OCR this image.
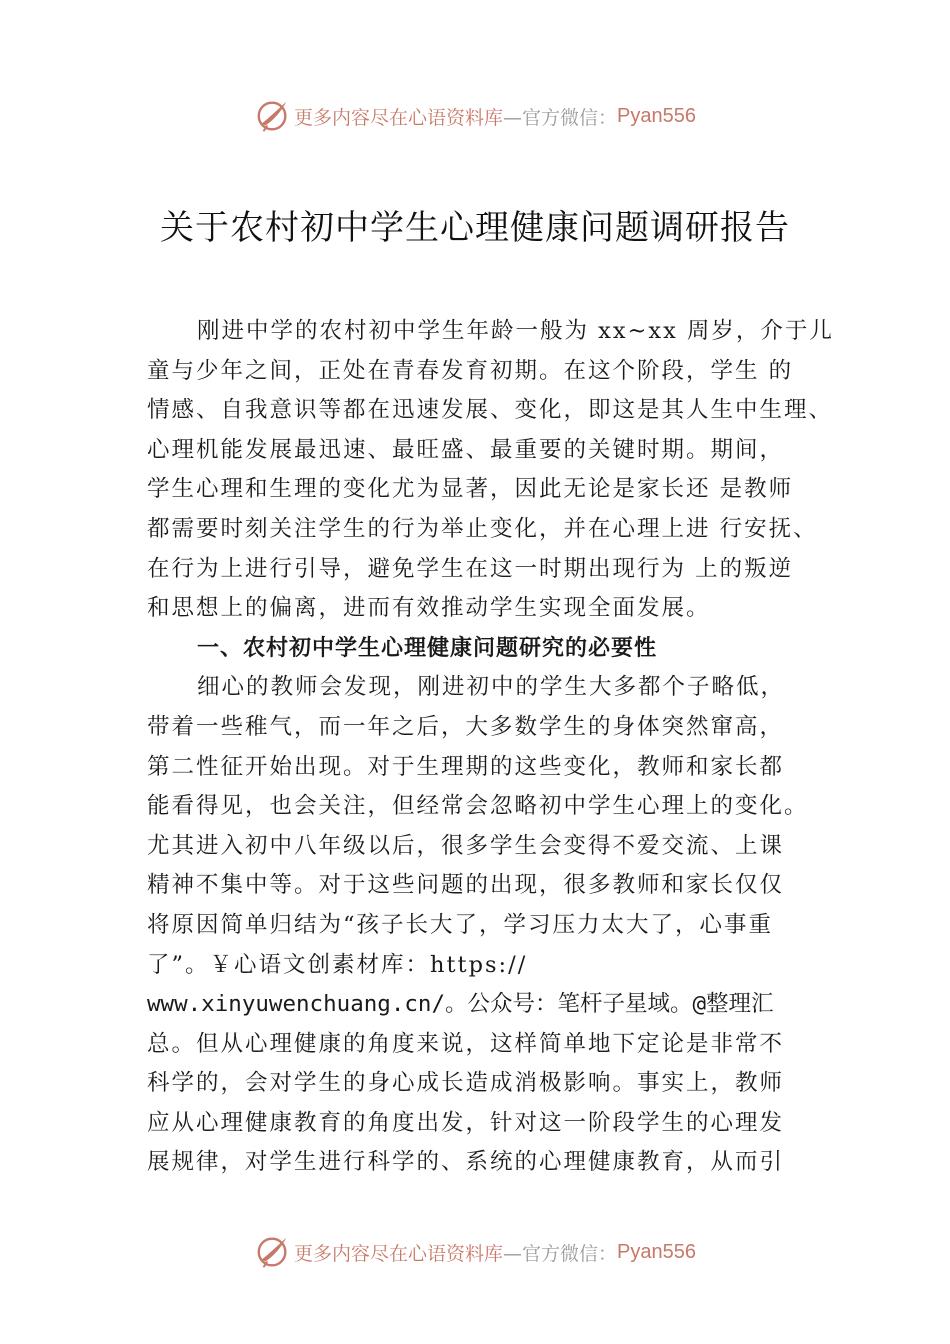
更多内容尽在心语资料库 —官方微信： Pyan556
关于农村初中学生心理健康问题调研报告
刚进中学的农村初中学生年龄一般为 xx~xx 周岁，介于儿
童与少年之间，正处在青春发育初期。在这个阶段，学生 的
情感、自我意识等都在迅速发展、变化，即这是其人生中生理、
心理机能发展最迅速、最旺盛、最重要的关键时期。期间，
学生心理和生理的变化尤为显著，因此无论是家长还 是教师
都需要时刻关注学生的行为举止变化，并在心理上进 行安抚、
在行为上进行引导，避免学生在这一时期出现行为 上的叛逆
和思想上的偏离，进而有效推动学生实现全面发展。
一、农村初中学生心理健康问题研究的必要性
细心的教师会发现，刚进初中的学生大多都个子略低，
带着一些稚气，而一年之后，大多数学生的身体突然窜高，
第二性征开始出现。对于生理期的这些变化，教师和家长都
能看得见，也会关注，但经常会忽略初中学生心理上的变化。
尤其进入初中八年级以后，很多学生会变得不爱交流、上课
精神不集中等。对于这些问题的出现，很多教师和家长仅仅
将原因简单归结为“孩子长大了，学习压力太大了，心事重
了”。￥心语文创素材库：https://
www.xinyuwenchuang.cn/。公众号：笔杆子星域。@整理汇
总。但从心理健康的角度来说，这样简单地下定论是非常不
科学的，会对学生的身心成长造成消极影响。事实上，教师
应从心理健康教育的角度出发，针对这一阶段学生的心理发
展规律，对学生进行科学的、系统的心理健康教育，从而引
更多内容尽在心语资料库 —官方微信： Pyan556
